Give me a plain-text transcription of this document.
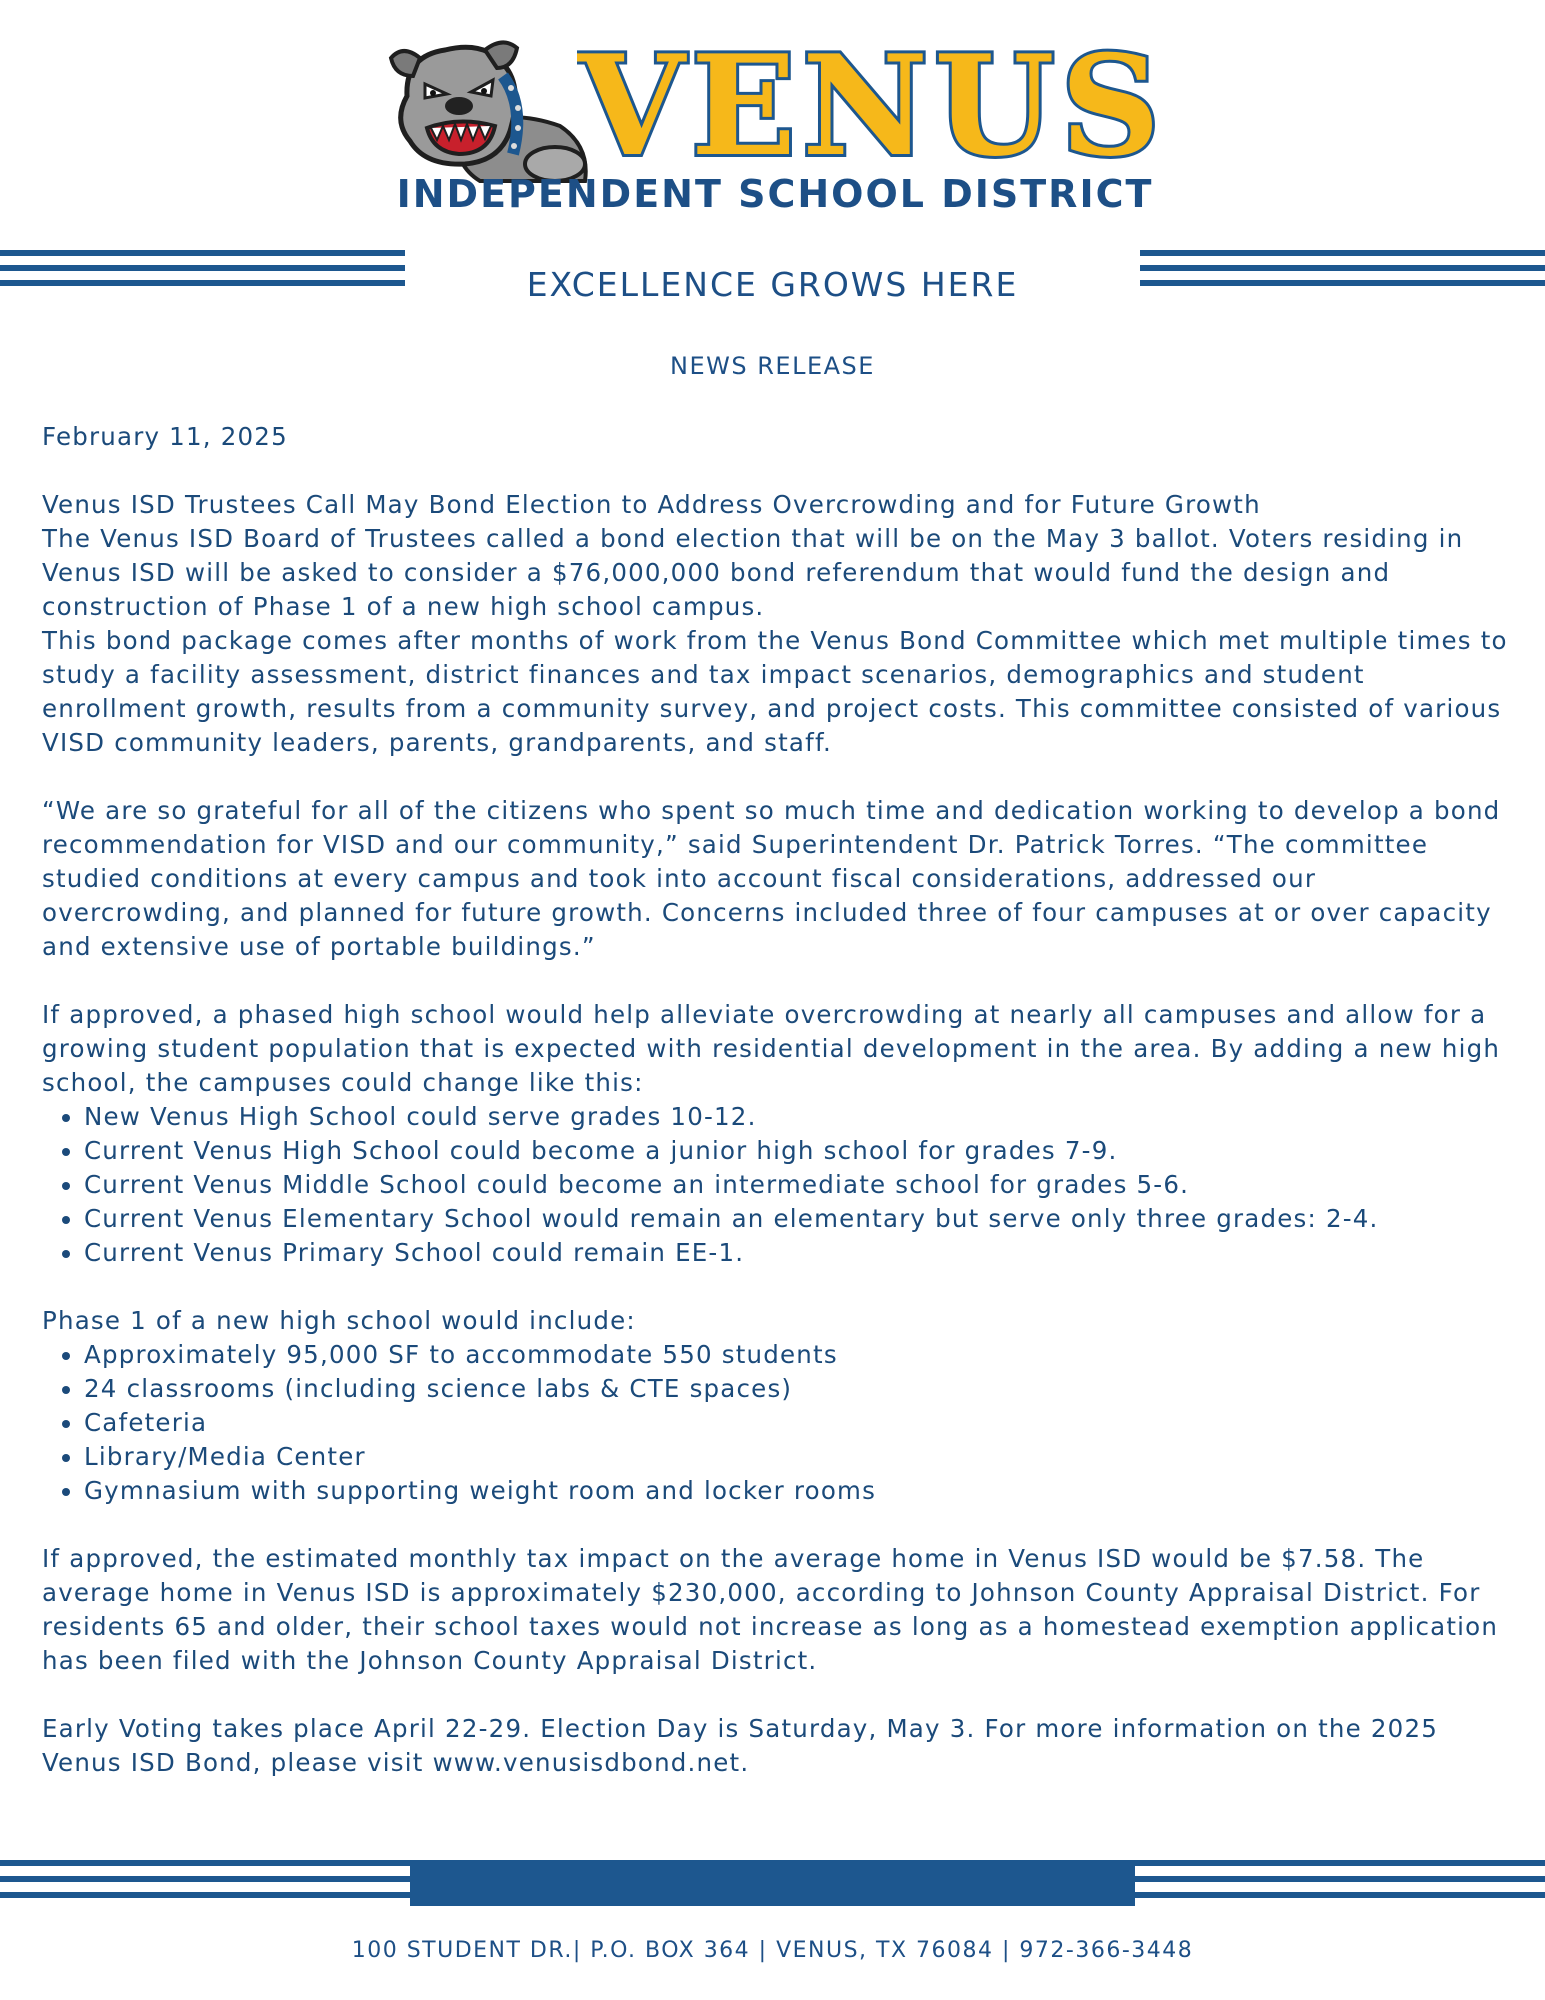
VENUS
INDEPENDENT SCHOOL DISTRICT
EXCELLENCE GROWS HERE
NEWS RELEASE

February 11, 2025

Venus ISD Trustees Call May Bond Election to Address Overcrowding and for Future Growth

The Venus ISD Board of Trustees called a bond election that will be on the May 3 ballot. Voters residing in Venus ISD will be asked to consider a $76,000,000 bond referendum that would fund the design and construction of Phase 1 of a new high school campus.

This bond package comes after months of work from the Venus Bond Committee which met multiple times to study a facility assessment, district finances and tax impact scenarios, demographics and student enrollment growth, results from a community survey, and project costs. This committee consisted of various VISD community leaders, parents, grandparents, and staff.

“We are so grateful for all of the citizens who spent so much time and dedication working to develop a bond recommendation for VISD and our community,” said Superintendent Dr. Patrick Torres. “The committee studied conditions at every campus and took into account fiscal considerations, addressed our overcrowding, and planned for future growth. Concerns included three of four campuses at or over capacity and extensive use of portable buildings.”

If approved, a phased high school would help alleviate overcrowding at nearly all campuses and allow for a growing student population that is expected with residential development in the area. By adding a new high school, the campuses could change like this:

• New Venus High School could serve grades 10-12.
• Current Venus High School could become a junior high school for grades 7-9.
• Current Venus Middle School could become an intermediate school for grades 5-6.
• Current Venus Elementary School would remain an elementary but serve only three grades: 2-4.
• Current Venus Primary School could remain EE-1.

Phase 1 of a new high school would include:

• Approximately 95,000 SF to accommodate 550 students
• 24 classrooms (including science labs & CTE spaces)
• Cafeteria
• Library/Media Center
• Gymnasium with supporting weight room and locker rooms

If approved, the estimated monthly tax impact on the average home in Venus ISD would be $7.58. The average home in Venus ISD is approximately $230,000, according to Johnson County Appraisal District. For residents 65 and older, their school taxes would not increase as long as a homestead exemption application has been filed with the Johnson County Appraisal District.

Early Voting takes place April 22-29. Election Day is Saturday, May 3. For more information on the 2025 Venus ISD Bond, please visit www.venusisdbond.net.

100 STUDENT DR.| P.O. BOX 364 | VENUS, TX 76084 | 972-366-3448
